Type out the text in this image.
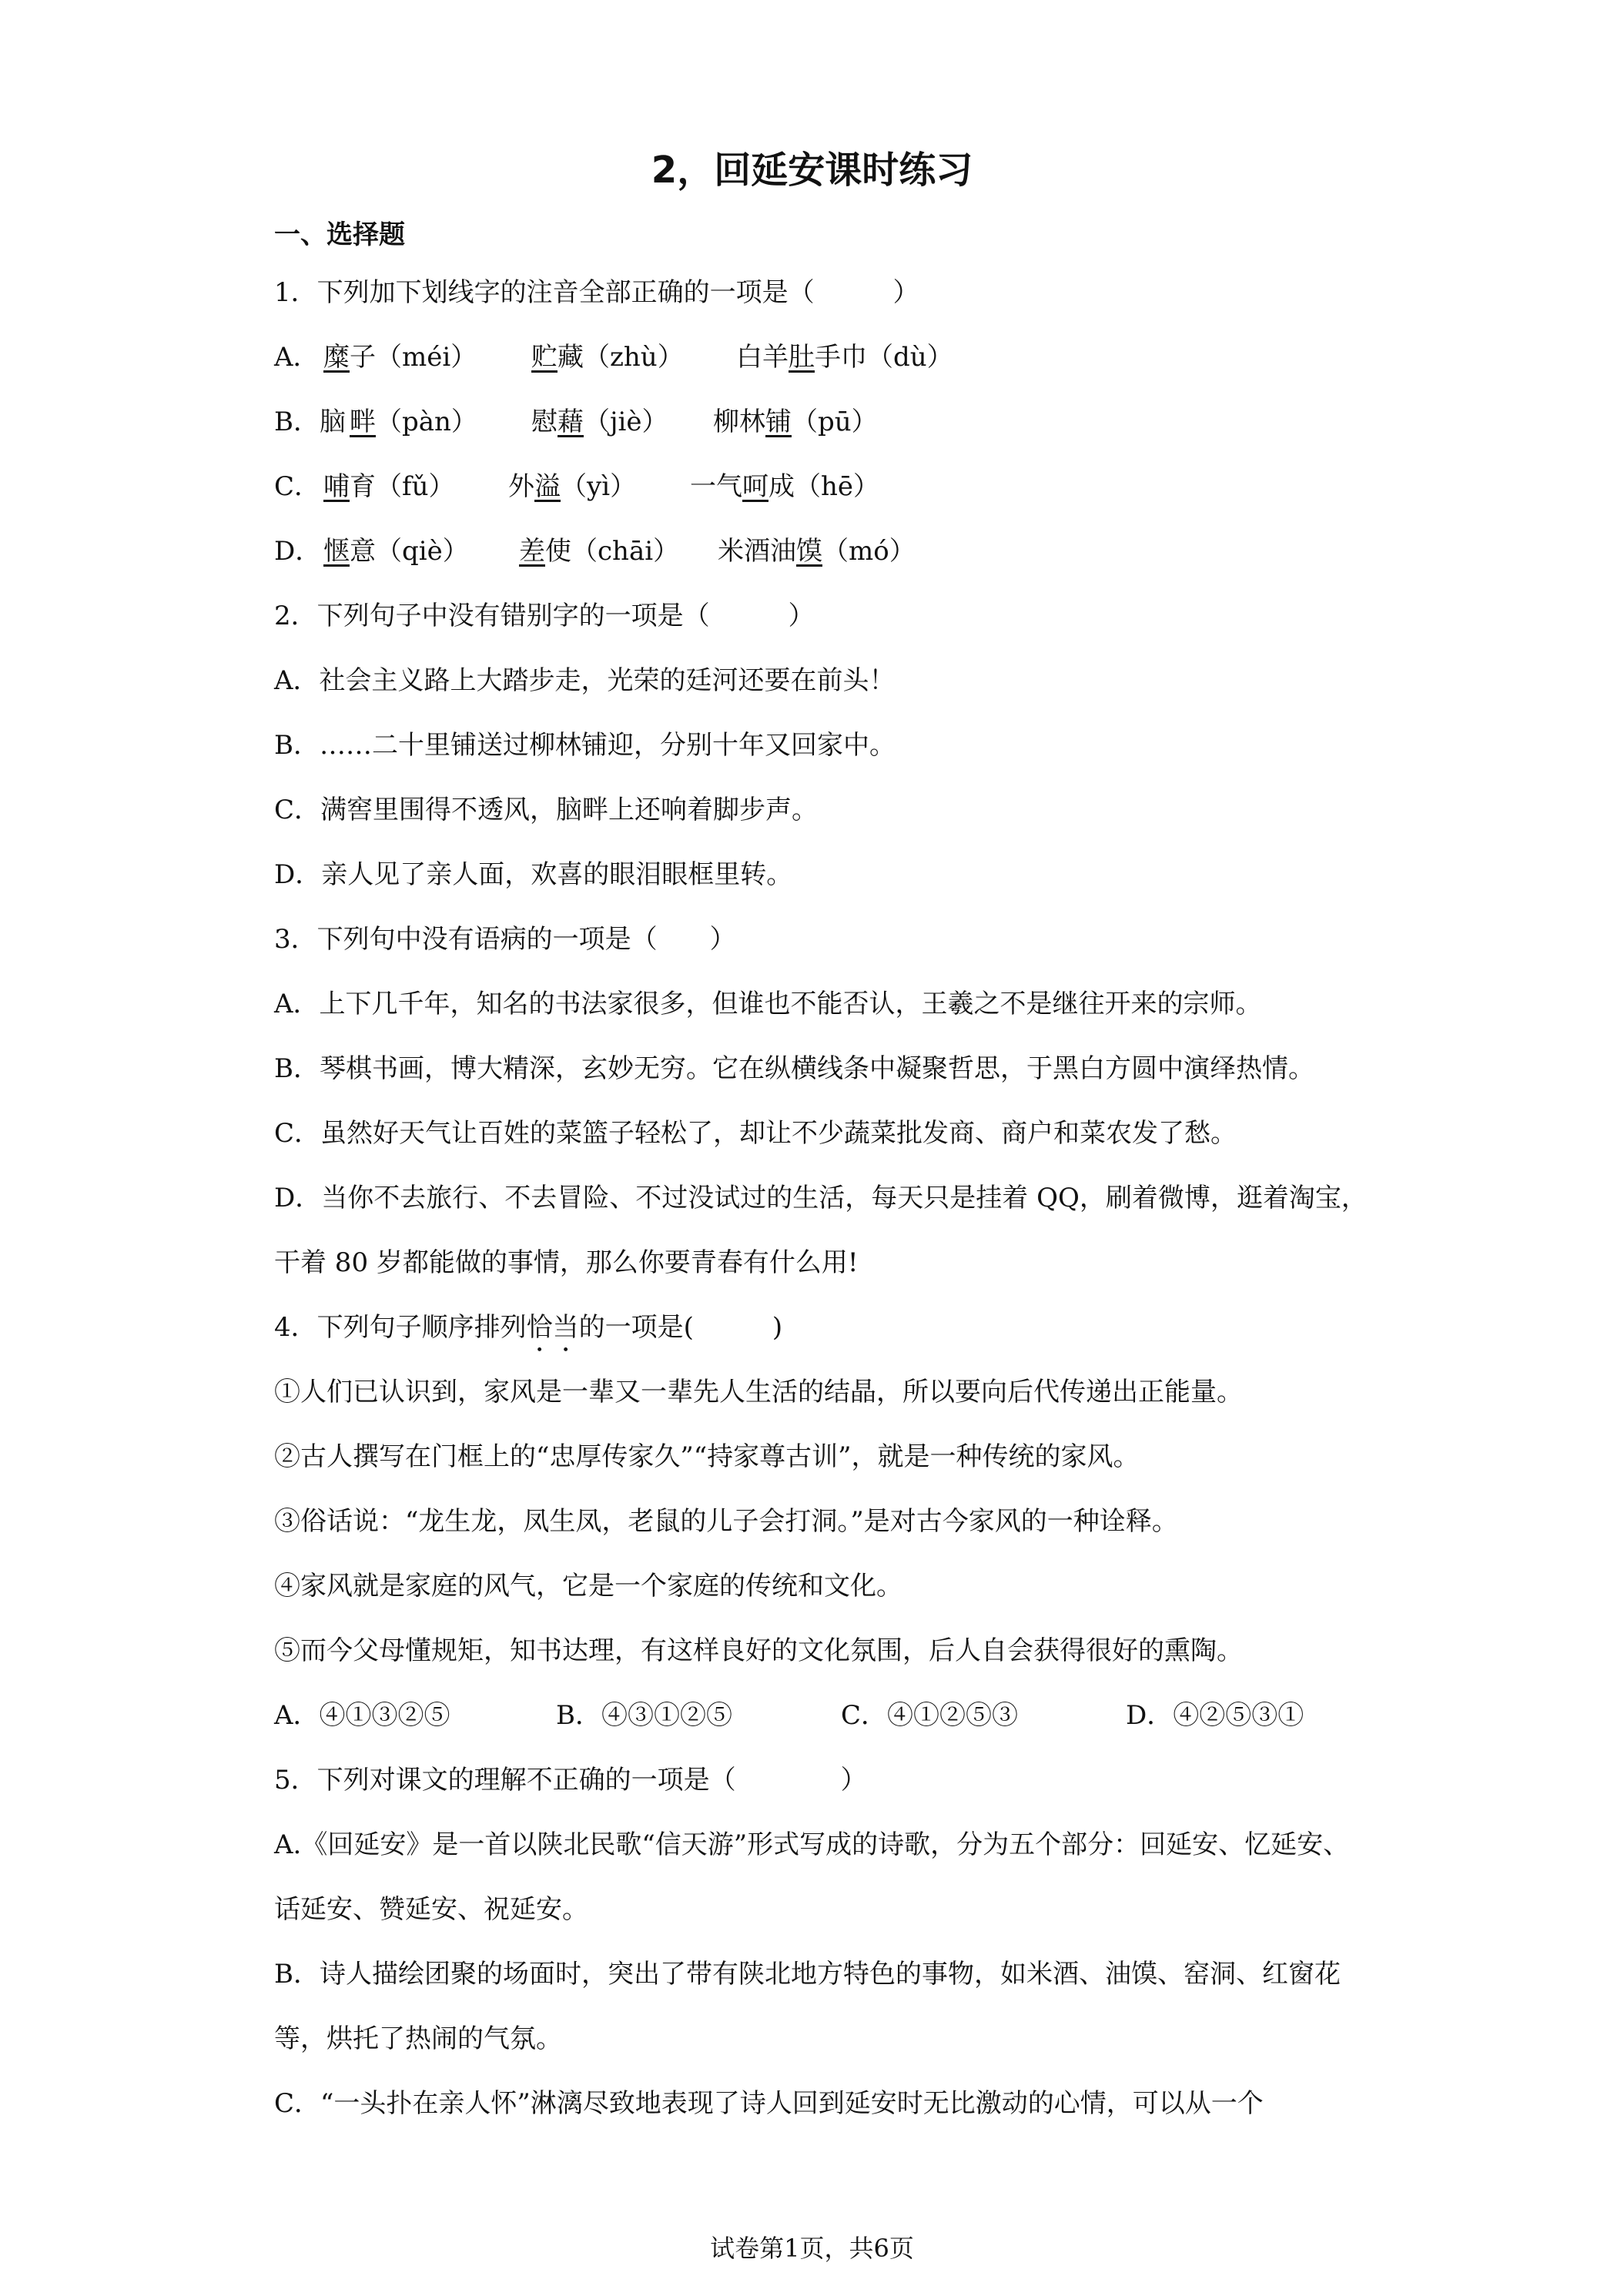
2，回延安课时练习
一、选择题
1．下列加下划线字的注音全部正确的一项是（　　　）
A． 糜子（méi）	贮藏（zhù）	白羊肚手巾（dù）
B．脑 畔（pàn）	慰藉（jiè）	柳林铺（pū）
C． 哺育（fǔ）	外溢（yì）	一气呵成（hē）
D． 惬意（qiè）	差使（chāi）	米酒油馍（mó）
2．下列句子中没有错别字的一项是（　　　）
A．社会主义路上大踏步走，光荣的廷河还要在前头！
B．……二十里铺送过柳林铺迎，分别十年又回家中。
C．满窖里围得不透风，脑畔上还响着脚步声。
D．亲人见了亲人面，欢喜的眼泪眼框里转。
3．下列句中没有语病的一项是（　　）
A．上下几千年，知名的书法家很多，但谁也不能否认，王羲之不是继往开来的宗师。
B．琴棋书画，博大精深，玄妙无穷。它在纵横线条中凝聚哲思，于黑白方圆中演绎热情。
C．虽然好天气让百姓的菜篮子轻松了，却让不少蔬菜批发商、商户和菜农发了愁。
D．当你不去旅行、不去冒险、不过没试过的生活，每天只是挂着 QQ，刷着微博，逛着淘宝，干着 80 岁都能做的事情，那么你要青春有什么用!
4．下列句子顺序排列恰当的一项是(　　　)
①人们已认识到，家风是一辈又一辈先人生活的结晶，所以要向后代传递出正能量。
②古人撰写在门框上的“忠厚传家久”“持家尊古训”，就是一种传统的家风。
③俗话说：“龙生龙，凤生凤，老鼠的儿子会打洞。”是对古今家风的一种诠释。
④家风就是家庭的风气，它是一个家庭的传统和文化。
⑤而今父母懂规矩，知书达理，有这样良好的文化氛围，后人自会获得很好的熏陶。
A．④①③②⑤	B．④③①②⑤	C．④①②⑤③	D．④②⑤③①
5．下列对课文的理解不正确的一项是（　　　　）
A.《回延安》是一首以陕北民歌“信天游”形式写成的诗歌，分为五个部分：回延安、忆延安、话延安、赞延安、祝延安。
B．诗人描绘团聚的场面时，突出了带有陕北地方特色的事物，如米酒、油馍、窑洞、红窗花等，烘托了热闹的气氛。
C．“一头扑在亲人怀”淋漓尽致地表现了诗人回到延安时无比激动的心情，可以从一个
试卷第1页，共6页
